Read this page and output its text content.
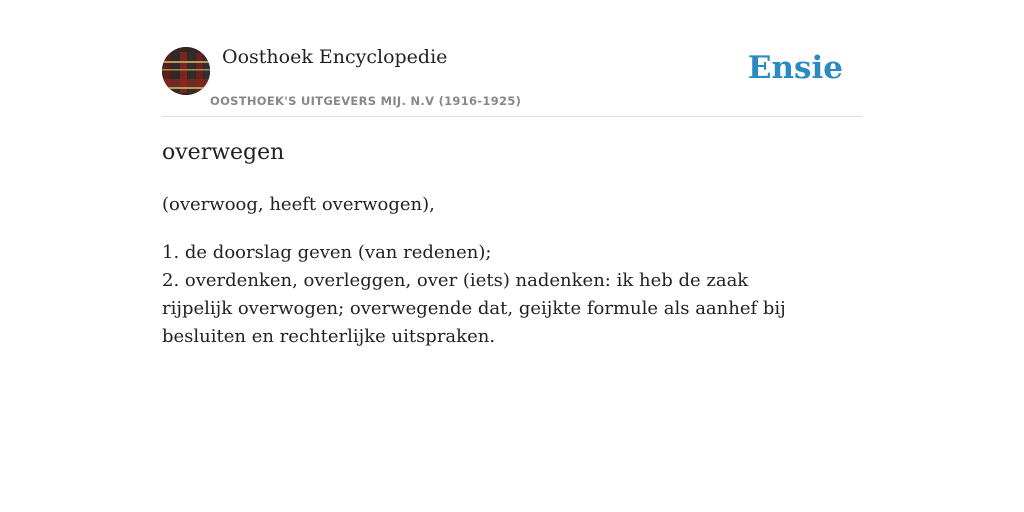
Oosthoek Encyclopedie
OOSTHOEK'S UITGEVERS MIJ. N.V (1916-1925)
Ensie
overwegen
(overwoog, heeft overwogen),
1. de doorslag geven (van redenen);
2. overdenken, overleggen, over (iets) nadenken: ik heb de zaak rijpelijk overwogen; overwegende dat, geijkte formule als aanhef bij besluiten en rechterlijke uitspraken.
